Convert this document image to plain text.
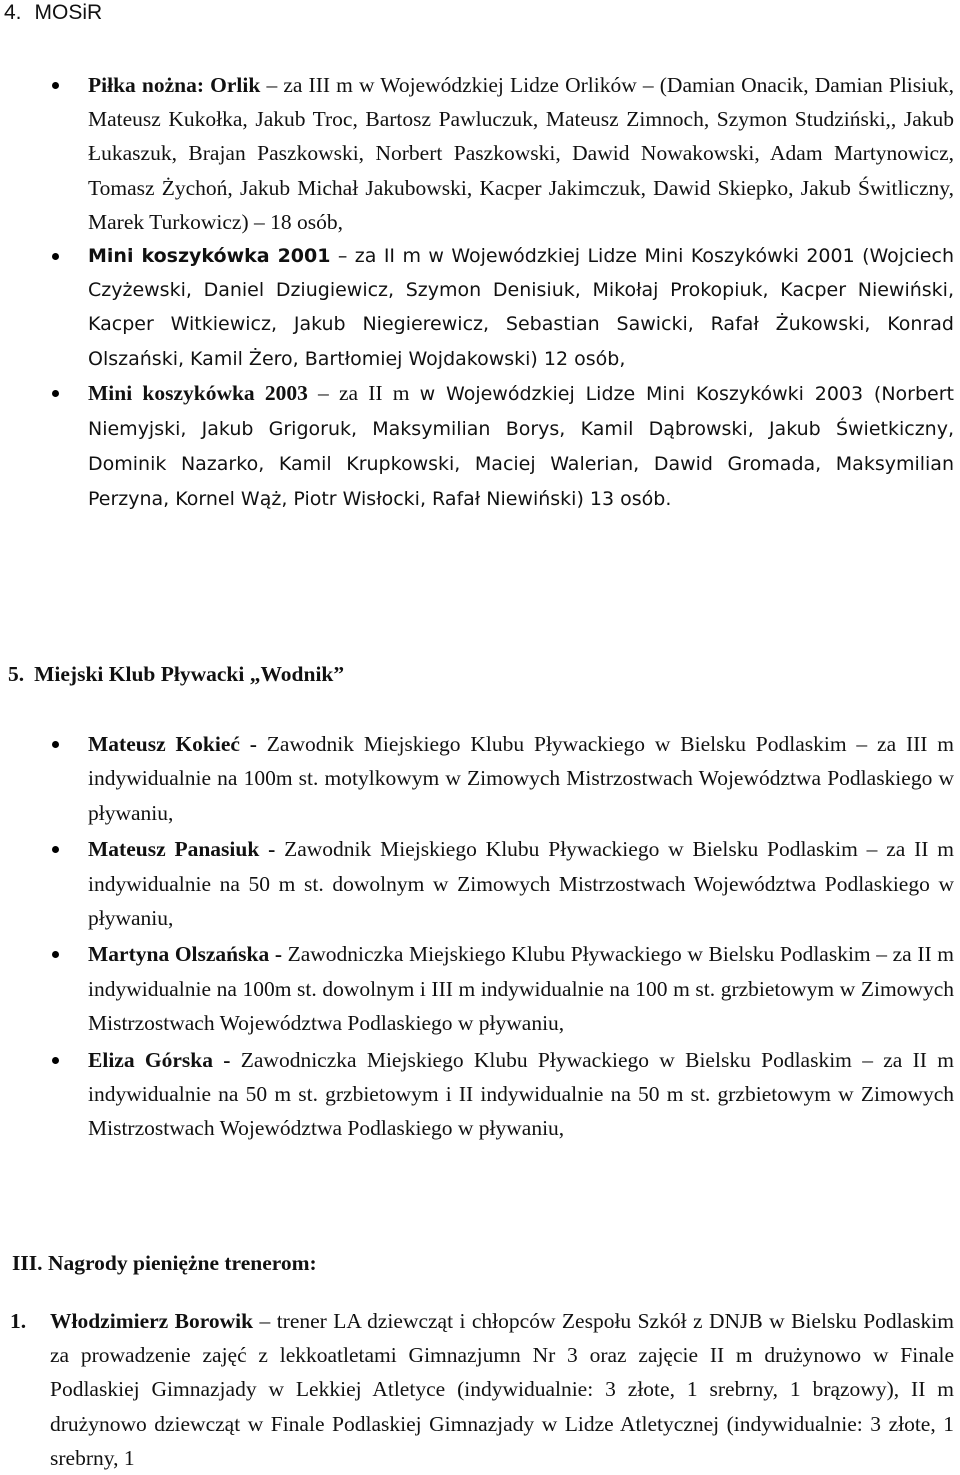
4. MOSiR
Piłka nożna: Orlik – za III m w Wojewódzkiej Lidze Orlików – (Damian Onacik, Damian Plisiuk, Mateusz Kukołka, Jakub Troc, Bartosz Pawluczuk, Mateusz Zimnoch, Szymon Studziński,, Jakub Łukaszuk, Brajan Paszkowski, Norbert Paszkowski, Dawid Nowakowski, Adam Martynowicz, Tomasz Żychoń, Jakub Michał Jakubowski, Kacper Jakimczuk, Dawid Skiepko, Jakub Świtliczny, Marek Turkowicz) – 18 osób,
Mini koszykówka 2001 – za II m w Wojewódzkiej Lidze Mini Koszykówki 2001 (Wojciech Czyżewski, Daniel Dziugiewicz, Szymon Denisiuk, Mikołaj Prokopiuk, Kacper Niewiński, Kacper Witkiewicz, Jakub Niegierewicz, Sebastian Sawicki, Rafał Żukowski, Konrad Olszański, Kamil Żero, Bartłomiej Wojdakowski) 12 osób,
Mini koszykówka 2003 – za II m w Wojewódzkiej Lidze Mini Koszykówki 2003 (Norbert Niemyjski, Jakub Grigoruk, Maksymilian Borys, Kamil Dąbrowski, Jakub Świetkiczny, Dominik Nazarko, Kamil Krupkowski, Maciej Walerian, Dawid Gromada, Maksymilian Perzyna, Kornel Wąż, Piotr Wisłocki, Rafał Niewiński) 13 osób.
5. Miejski Klub Pływacki „Wodnik”
Mateusz Kokieć - Zawodnik Miejskiego Klubu Pływackiego w Bielsku Podlaskim – za III m indywidualnie na 100m st. motylkowym w Zimowych Mistrzostwach Województwa Podlaskiego w pływaniu,
Mateusz Panasiuk - Zawodnik Miejskiego Klubu Pływackiego w Bielsku Podlaskim – za II m indywidualnie na 50 m st. dowolnym w Zimowych Mistrzostwach Województwa Podlaskiego w pływaniu,
Martyna Olszańska - Zawodniczka Miejskiego Klubu Pływackiego w Bielsku Podlaskim – za II m indywidualnie na 100m st. dowolnym i III m indywidualnie na 100 m st. grzbietowym w Zimowych Mistrzostwach Województwa Podlaskiego w pływaniu,
Eliza Górska - Zawodniczka Miejskiego Klubu Pływackiego w Bielsku Podlaskim – za II m indywidualnie na 50 m st. grzbietowym i II indywidualnie na 50 m st. grzbietowym w Zimowych Mistrzostwach Województwa Podlaskiego w pływaniu,
III. Nagrody pieniężne trenerom:
1. Włodzimierz Borowik – trener LA dziewcząt i chłopców Zespołu Szkół z DNJB w Bielsku Podlaskim za prowadzenie zajęć z lekkoatletami Gimnazjumn Nr 3 oraz zajęcie II m drużynowo w Finale Podlaskiej Gimnazjady w Lekkiej Atletyce (indywidualnie: 3 złote, 1 srebrny, 1 brązowy), II m drużynowo dziewcząt w Finale Podlaskiej Gimnazjady w Lidze Atletycznej (indywidualnie: 3 złote, 1 srebrny, 1
